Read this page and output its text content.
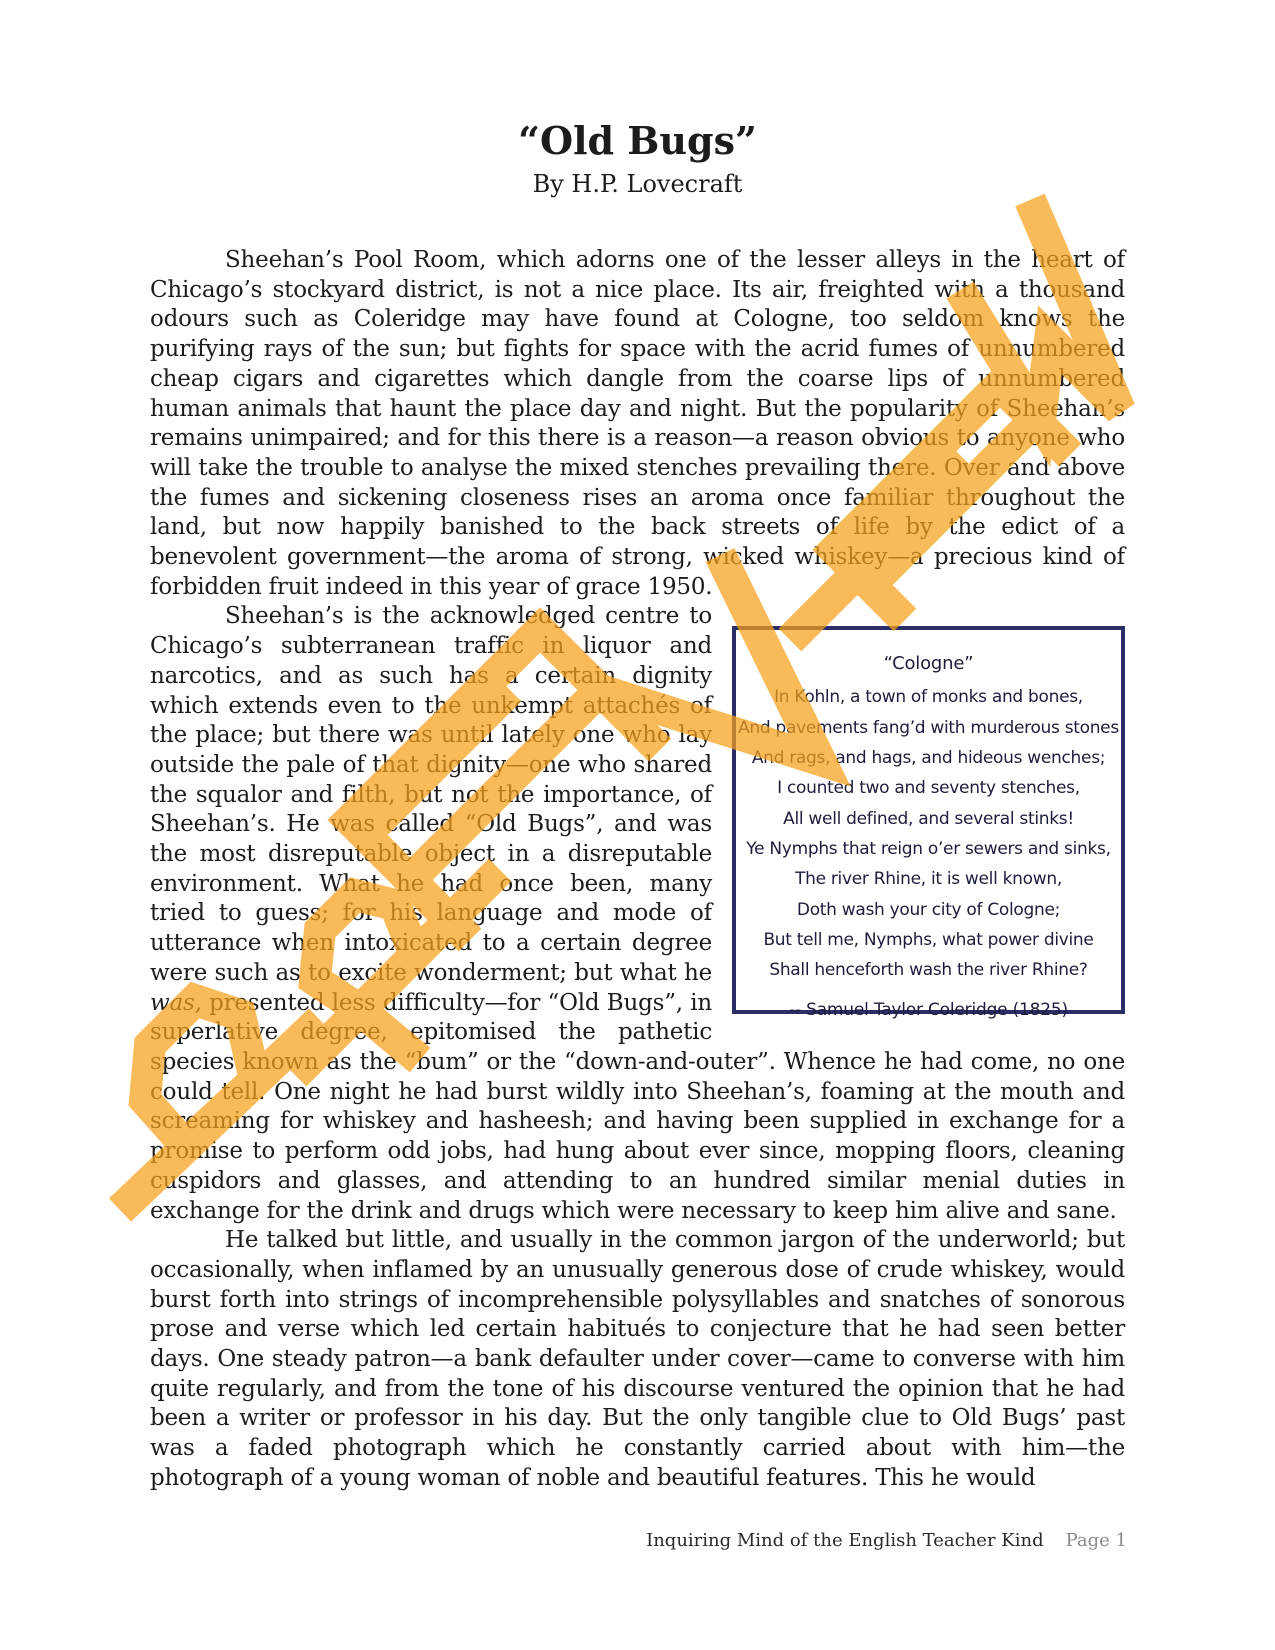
“Old Bugs”
By H.P. Lovecraft

Sheehan’s Pool Room, which adorns one of the lesser alleys in the heart of Chicago’s stockyard district, is not a nice place. Its air, freighted with a thousand odours such as Coleridge may have found at Cologne, too seldom knows the purifying rays of the sun; but fights for space with the acrid fumes of unnumbered cheap cigars and cigarettes which dangle from the coarse lips of unnumbered human animals that haunt the place day and night. But the popularity of Sheehan’s remains unimpaired; and for this there is a reason—a reason obvious to anyone who will take the trouble to analyse the mixed stenches prevailing there. Over and above the fumes and sickening closeness rises an aroma once familiar throughout the land, but now happily banished to the back streets of life by the edict of a benevolent government—the aroma of strong, wicked whiskey—a precious kind of forbidden fruit indeed in this year of grace 1950.

“Cologne”
In Kohln, a town of monks and bones,
And pavements fang’d with murderous stones
And rags, and hags, and hideous wenches;
I counted two and seventy stenches,
All well defined, and several stinks!
Ye Nymphs that reign o’er sewers and sinks,
The river Rhine, it is well known,
Doth wash your city of Cologne;
But tell me, Nymphs, what power divine
Shall henceforth wash the river Rhine?
-- Samuel Taylor Coleridge (1825)

Sheehan’s is the acknowledged centre to Chicago’s subterranean traffic in liquor and narcotics, and as such has a certain dignity which extends even to the unkempt attachés of the place; but there was until lately one who lay outside the pale of that dignity—one who shared the squalor and filth, but not the importance, of Sheehan’s. He was called “Old Bugs”, and was the most disreputable object in a disreputable environment. What he had once been, many tried to guess; for his language and mode of utterance when intoxicated to a certain degree were such as to excite wonderment; but what he was, presented less difficulty—for “Old Bugs”, in superlative degree, epitomised the pathetic species known as the “bum” or the “down-and-outer”. Whence he had come, no one could tell. One night he had burst wildly into Sheehan’s, foaming at the mouth and screaming for whiskey and hasheesh; and having been supplied in exchange for a promise to perform odd jobs, had hung about ever since, mopping floors, cleaning cuspidors and glasses, and attending to an hundred similar menial duties in exchange for the drink and drugs which were necessary to keep him alive and sane.

He talked but little, and usually in the common jargon of the underworld; but occasionally, when inflamed by an unusually generous dose of crude whiskey, would burst forth into strings of incomprehensible polysyllables and snatches of sonorous prose and verse which led certain habitués to conjecture that he had seen better days. One steady patron—a bank defaulter under cover—came to converse with him quite regularly, and from the tone of his discourse ventured the opinion that he had been a writer or professor in his day. But the only tangible clue to Old Bugs’ past was a faded photograph which he constantly carried about with him—the photograph of a young woman of noble and beautiful features. This he would

Inquiring Mind of the English Teacher Kind Page 1
